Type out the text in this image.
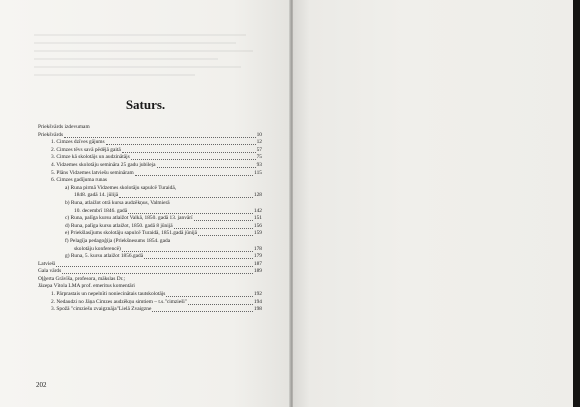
Saturs.
Priekšvārds izdevumam
Priekšvārds	10
1. Cimzes dzīves gājums	12
2. Cimzes tēvs savā pēdējā gaitā	57
3. Cimze kā skolotājs un audzinātājs	75
4. Vidzemes skolotāju semināra 25 gadu jubileja	93
5. Plāns Vidzemes latviešu semināram	115
6. Cimzes gadījuma runas
a) Runa pirmā Vidzemes skolotāju sapulcē Turaidā,
1848. gadā 14. jūlijā	128
b) Runa, atlaižot otrā kursa audzēkņus, Valmierā
10. decembrī 1846. gadā	142
c) Runa, palīga kursu atlaižot Valkā, 1850. gadā 13. janvārī	151
d) Runa, palīga kursu atlaižot, 1850. gadā 8 jūnijā	156
e) Priekšlasījums skolotāju sapulcē Turaidā, 1851.gadā jūnijā	159
f) Pelagīja pedagoģija (Priekšnesums 1854. gada
skolotāju konferencē)	178
g) Runa, 5. kursu atlaižot 1856.gadā	179
Latvieši	187
Gala vārds	189
Oļģerta Grāvīša, profesora, mākslas Dr.;
Jāzepa Vītola LMA prof. emeritus komentāri
1. Pārprastais un nepelnīti noniecinātais tautskolotājs	192
2. Nedaudzi no Jāņa Cimzes audzēkņu simtiem – t.s."cimzieši"	194
3. Spožā "cimziešu zvaigznāja"Lielā Zvaigzne	198
202
